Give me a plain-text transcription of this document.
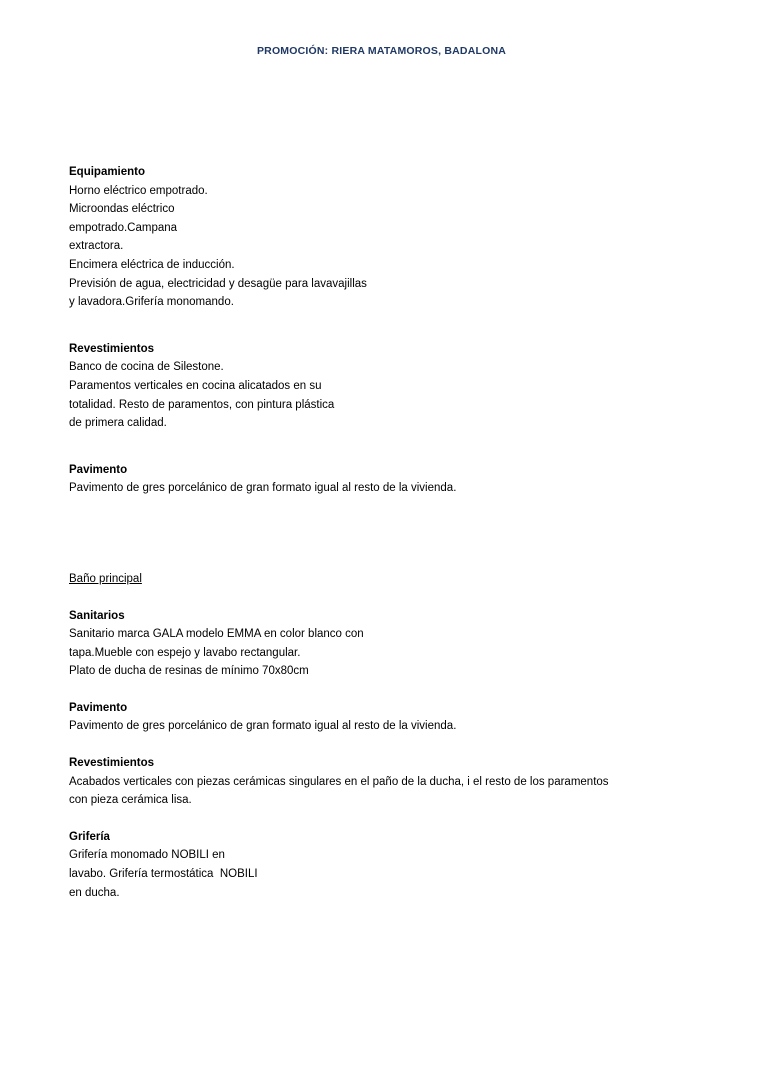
PROMOCIÓN: RIERA MATAMOROS, BADALONA
Equipamiento
Horno eléctrico empotrado.
Microondas eléctrico
empotrado.Campana
extractora.
Encimera eléctrica de inducción.
Previsión de agua, electricidad y desagüe para lavavajillas
y lavadora.Grifería monomando.
Revestimientos
Banco de cocina de Silestone.
Paramentos verticales en cocina alicatados en su
totalidad. Resto de paramentos, con pintura plástica
de primera calidad.
Pavimento
Pavimento de gres porcelánico de gran formato igual al resto de la vivienda.
Baño principal
Sanitarios
Sanitario marca GALA modelo EMMA en color blanco con
tapa.Mueble con espejo y lavabo rectangular.
Plato de ducha de resinas de mínimo 70x80cm
Pavimento
Pavimento de gres porcelánico de gran formato igual al resto de la vivienda.
Revestimientos
Acabados verticales con piezas cerámicas singulares en el paño de la ducha, i el resto de los paramentos
con pieza cerámica lisa.
Grifería
Grifería monomado NOBILI en
lavabo. Grifería termostática  NOBILI
en ducha.
